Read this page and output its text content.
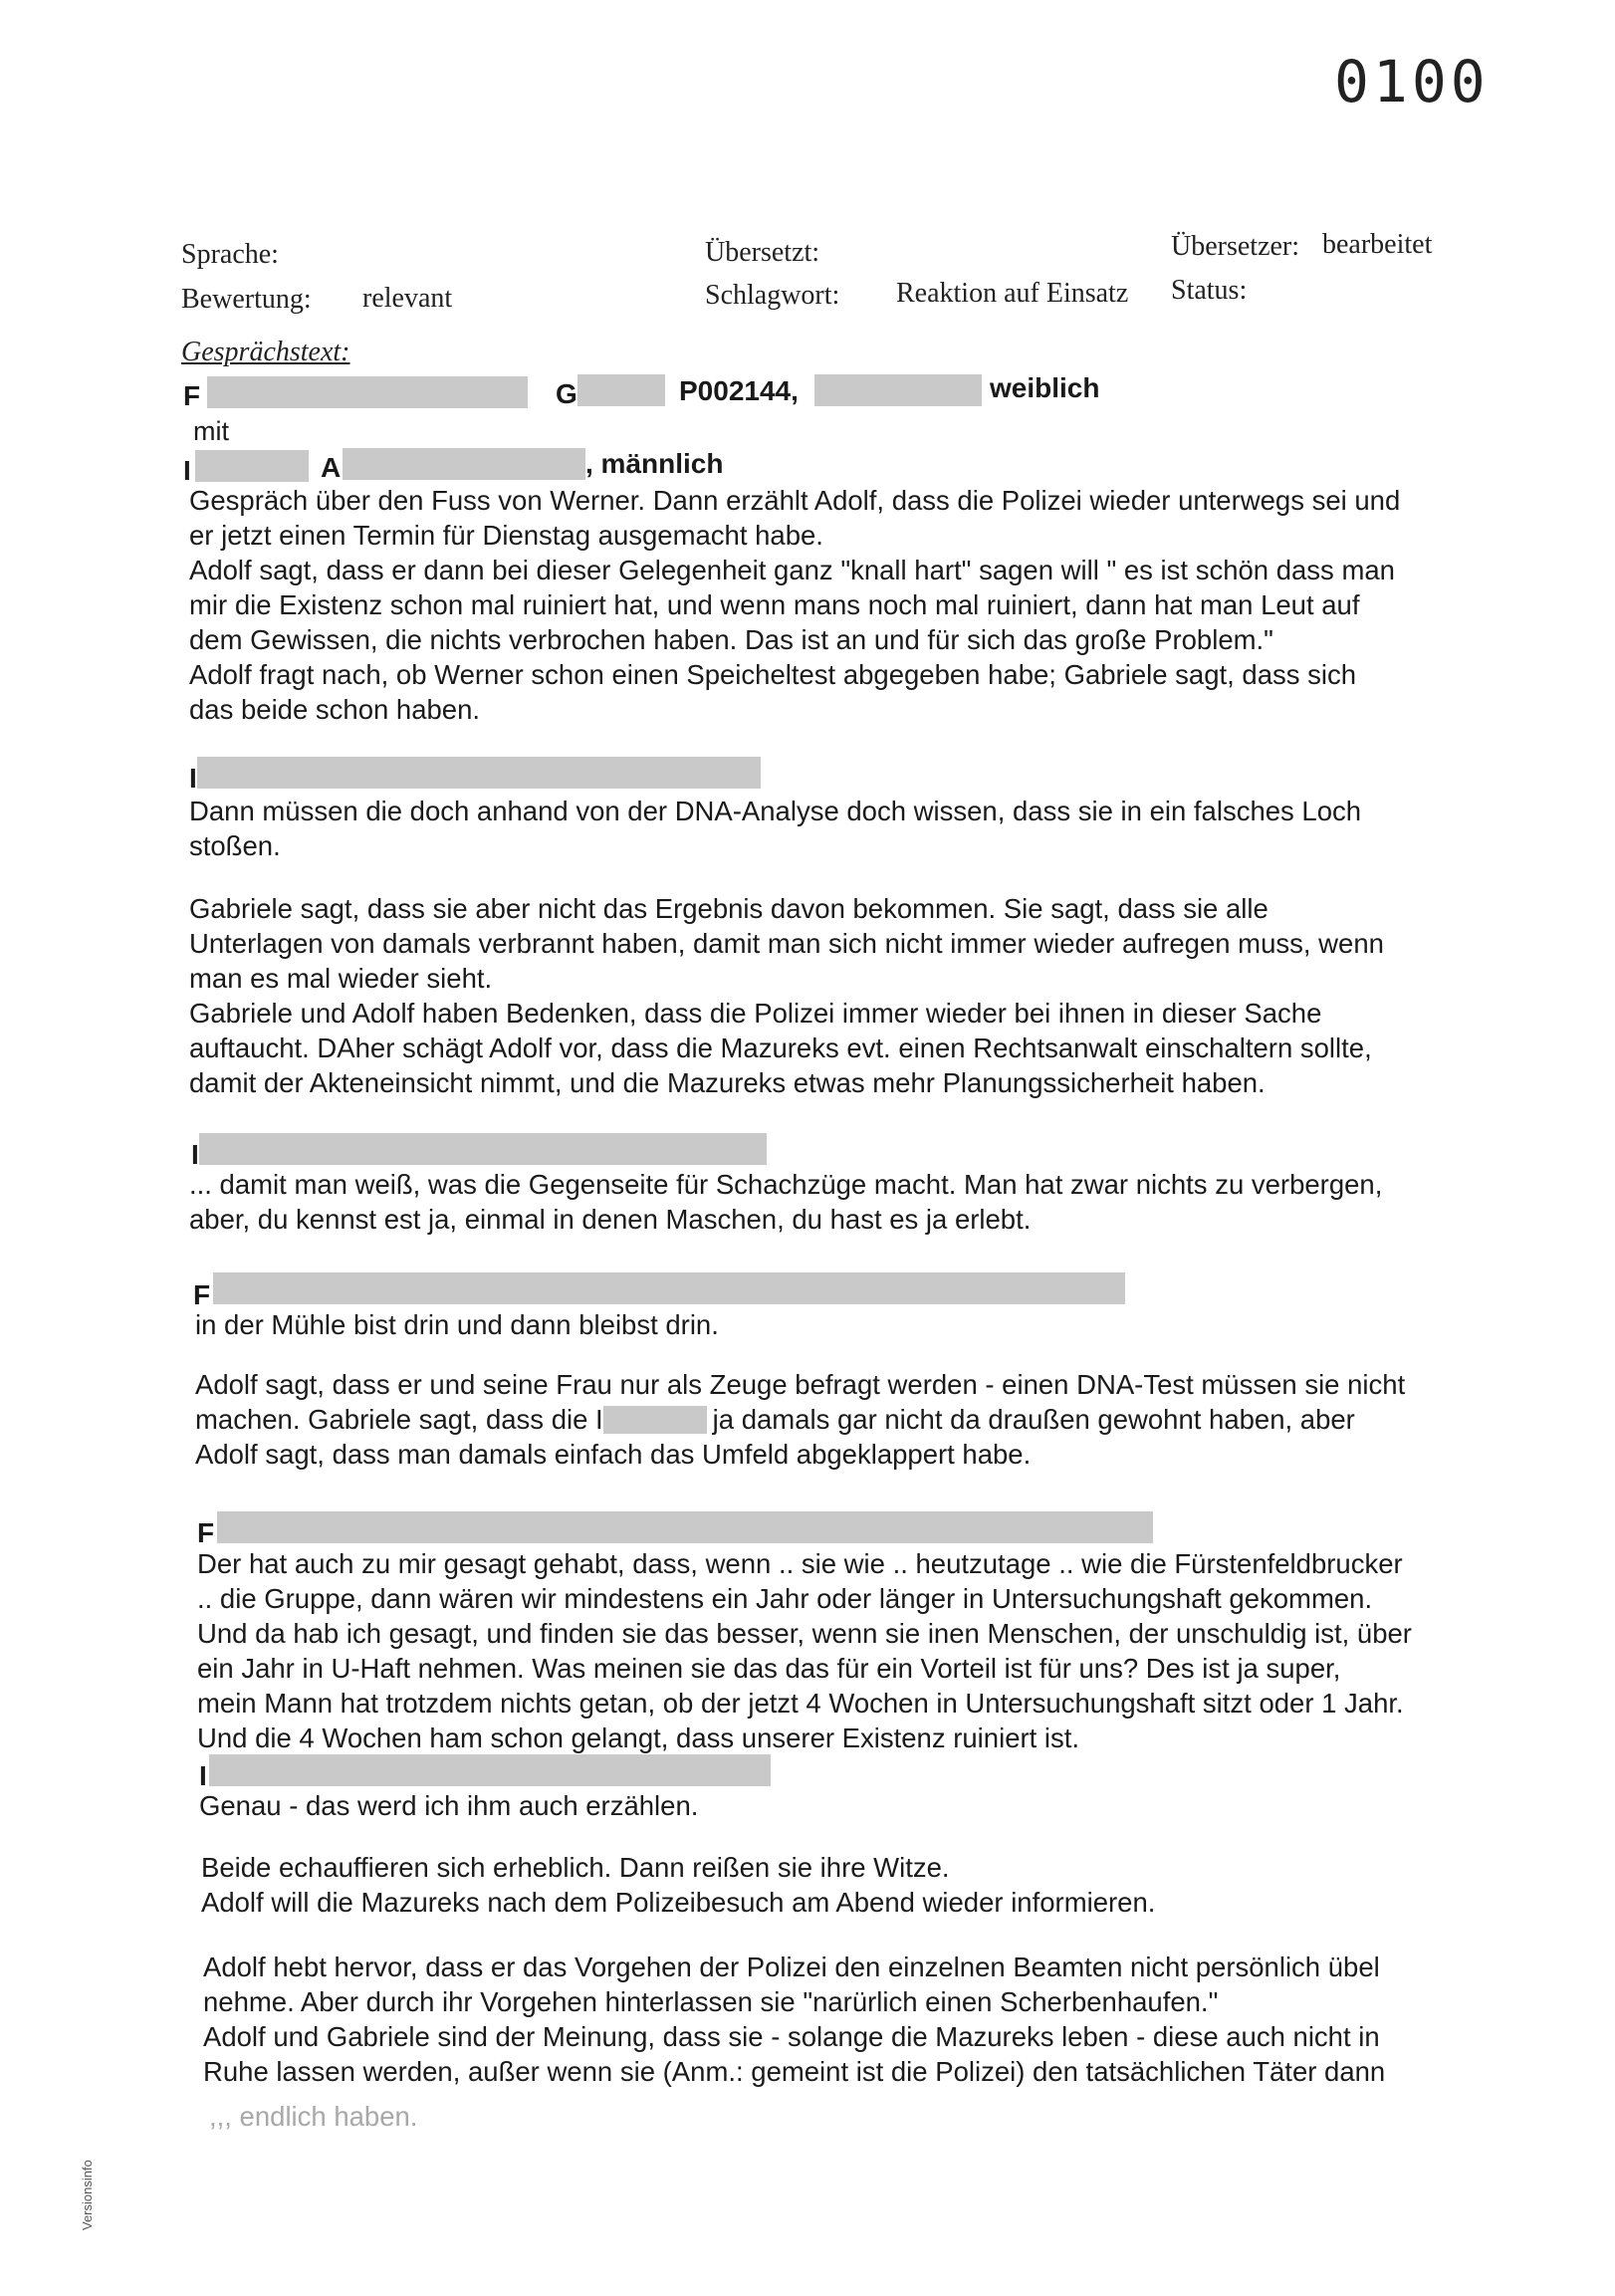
0100
Sprache:
Bewertung: relevant
Übersetzt:
Schlagwort: Reaktion auf Einsatz
Übersetzer: bearbeitet
Status:
Gesprächstext:
F	G	P002144,	weiblich
mit
I	A	, männlich
Gespräch über den Fuss von Werner. Dann erzählt Adolf, dass die Polizei wieder unterwegs sei und
er jetzt einen Termin für Dienstag ausgemacht habe.
Adolf sagt, dass er dann bei dieser Gelegenheit ganz "knall hart" sagen will " es ist schön dass man
mir die Existenz schon mal ruiniert hat, und wenn mans noch mal ruiniert, dann hat man Leut auf
dem Gewissen, die nichts verbrochen haben. Das ist an und für sich das große Problem."
Adolf fragt nach, ob Werner schon einen Speicheltest abgegeben habe; Gabriele sagt, dass sich
das beide schon haben.
I
Dann müssen die doch anhand von der DNA-Analyse doch wissen, dass sie in ein falsches Loch
stoßen.
Gabriele sagt, dass sie aber nicht das Ergebnis davon bekommen. Sie sagt, dass sie alle
Unterlagen von damals verbrannt haben, damit man sich nicht immer wieder aufregen muss, wenn
man es mal wieder sieht.
Gabriele und Adolf haben Bedenken, dass die Polizei immer wieder bei ihnen in dieser Sache
auftaucht. DAher schägt Adolf vor, dass die Mazureks evt. einen Rechtsanwalt einschaltern sollte,
damit der Akteneinsicht nimmt, und die Mazureks etwas mehr Planungssicherheit haben.
I
... damit man weiß, was die Gegenseite für Schachzüge macht. Man hat zwar nichts zu verbergen,
aber, du kennst est ja, einmal in denen Maschen, du hast es ja erlebt.
F
in der Mühle bist drin und dann bleibst drin.
Adolf sagt, dass er und seine Frau nur als Zeuge befragt werden - einen DNA-Test müssen sie nicht
machen. Gabriele sagt, dass die I	ja damals gar nicht da draußen gewohnt haben, aber
Adolf sagt, dass man damals einfach das Umfeld abgeklappert habe.
F
Der hat auch zu mir gesagt gehabt, dass, wenn .. sie wie .. heutzutage .. wie die Fürstenfeldbrucker
.. die Gruppe, dann wären wir mindestens ein Jahr oder länger in Untersuchungshaft gekommen.
Und da hab ich gesagt, und finden sie das besser, wenn sie inen Menschen, der unschuldig ist, über
ein Jahr in U-Haft nehmen. Was meinen sie das das für ein Vorteil ist für uns? Des ist ja super,
mein Mann hat trotzdem nichts getan, ob der jetzt 4 Wochen in Untersuchungshaft sitzt oder 1 Jahr.
Und die 4 Wochen ham schon gelangt, dass unserer Existenz ruiniert ist.
I
Genau - das werd ich ihm auch erzählen.
Beide echauffieren sich erheblich. Dann reißen sie ihre Witze.
Adolf will die Mazureks nach dem Polizeibesuch am Abend wieder informieren.
Adolf hebt hervor, dass er das Vorgehen der Polizei den einzelnen Beamten nicht persönlich übel
nehme. Aber durch ihr Vorgehen hinterlassen sie "narürlich einen Scherbenhaufen."
Adolf und Gabriele sind der Meinung, dass sie - solange die Mazureks leben - diese auch nicht in
Ruhe lassen werden, außer wenn sie (Anm.: gemeint ist die Polizei) den tatsächlichen Täter dann
,,, endlich haben.
Versionsinfo
